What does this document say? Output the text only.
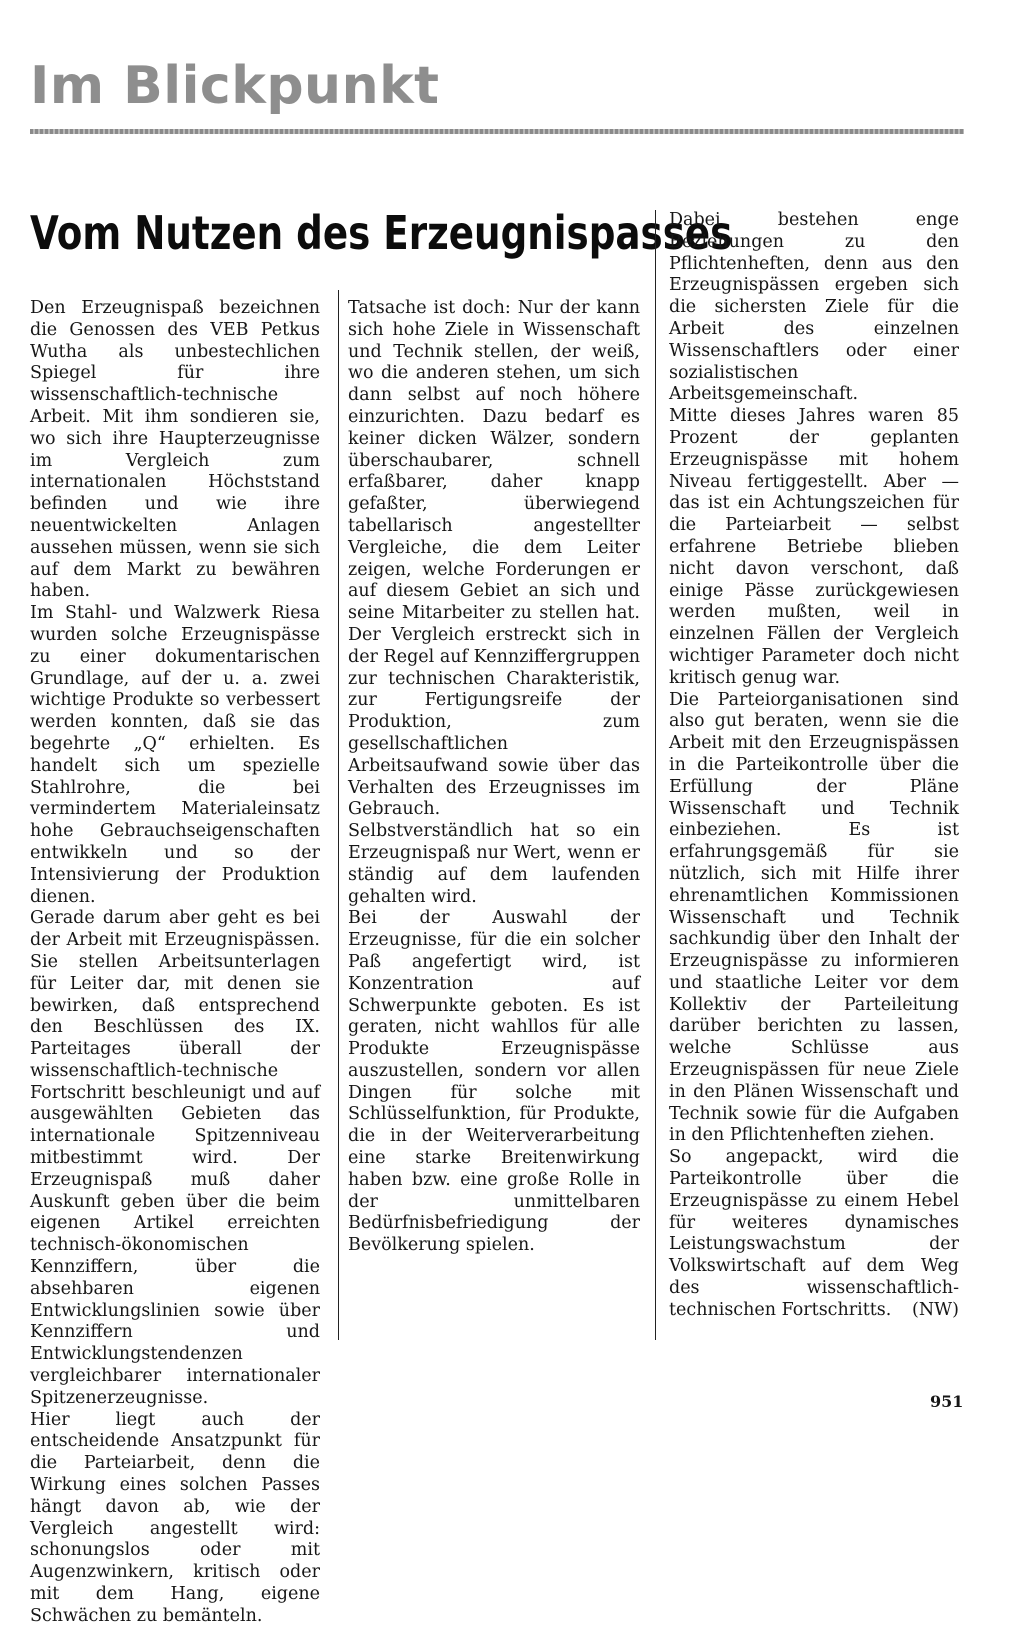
Im Blickpunkt
Vom Nutzen des Erzeugnispasses

Den Erzeugnispaß bezeichnen die Genossen des VEB Petkus Wutha als unbestechlichen Spiegel für ihre wissenschaftlich-technische Arbeit. Mit ihm sondieren sie, wo sich ihre Haupterzeugnisse im Vergleich zum internationalen Höchststand befinden und wie ihre neuentwickelten Anlagen aussehen müssen, wenn sie sich auf dem Markt zu bewähren haben.

Im Stahl- und Walzwerk Riesa wurden solche Erzeugnispässe zu einer dokumentarischen Grundlage, auf der u. a. zwei wichtige Produkte so verbessert werden konnten, daß sie das begehrte „Q“ erhielten. Es handelt sich um spezielle Stahlrohre, die bei vermindertem Materialeinsatz hohe Gebrauchseigenschaften entwikkeln und so der Intensivierung der Produktion dienen.

Gerade darum aber geht es bei der Arbeit mit Erzeugnispässen. Sie stellen Arbeitsunterlagen für Leiter dar, mit denen sie bewirken, daß entsprechend den Beschlüssen des IX. Parteitages überall der wissenschaftlich-technische Fortschritt beschleunigt und auf ausgewählten Gebieten das internationale Spitzenniveau mitbestimmt wird. Der Erzeugnispaß muß daher Auskunft geben über die beim eigenen Artikel erreichten technisch-ökonomischen Kennziffern, über die absehbaren eigenen Entwicklungslinien sowie über Kennziffern und Entwicklungstendenzen vergleichbarer internationaler Spitzenerzeugnisse.

Hier liegt auch der entscheidende Ansatzpunkt für die Parteiarbeit, denn die Wirkung eines solchen Passes hängt davon ab, wie der Vergleich angestellt wird: schonungslos oder mit Augenzwinkern, kritisch oder mit dem Hang, eigene Schwächen zu bemänteln.

Tatsache ist doch: Nur der kann sich hohe Ziele in Wissenschaft und Technik stellen, der weiß, wo die anderen stehen, um sich dann selbst auf noch höhere einzurichten. Dazu bedarf es keiner dicken Wälzer, sondern überschaubarer, schnell erfaßbarer, daher knapp gefaßter, überwiegend tabellarisch angestellter Vergleiche, die dem Leiter zeigen, welche Forderungen er auf diesem Gebiet an sich und seine Mitarbeiter zu stellen hat. Der Vergleich erstreckt sich in der Regel auf Kennziffergruppen zur technischen Charakteristik, zur Fertigungsreife der Produktion, zum gesellschaftlichen Arbeitsaufwand sowie über das Verhalten des Erzeugnisses im Gebrauch.

Selbstverständlich hat so ein Erzeugnispaß nur Wert, wenn er ständig auf dem laufenden gehalten wird.

Bei der Auswahl der Erzeugnisse, für die ein solcher Paß angefertigt wird, ist Konzentration auf Schwerpunkte geboten. Es ist geraten, nicht wahllos für alle Produkte Erzeugnispässe auszustellen, sondern vor allen Dingen für solche mit Schlüsselfunktion, für Produkte, die in der Weiterverarbeitung eine starke Breitenwirkung haben bzw. eine große Rolle in der unmittelbaren Bedürfnisbefriedigung der Bevölkerung spielen.

Dabei bestehen enge Beziehungen zu den Pflichtenheften, denn aus den Erzeugnispässen ergeben sich die sichersten Ziele für die Arbeit des einzelnen Wissenschaftlers oder einer sozialistischen Arbeitsgemeinschaft.

Mitte dieses Jahres waren 85 Prozent der geplanten Erzeugnispässe mit hohem Niveau fertiggestellt. Aber — das ist ein Achtungszeichen für die Parteiarbeit — selbst erfahrene Betriebe blieben nicht davon verschont, daß einige Pässe zurückgewiesen werden mußten, weil in einzelnen Fällen der Vergleich wichtiger Parameter doch nicht kritisch genug war.

Die Parteiorganisationen sind also gut beraten, wenn sie die Arbeit mit den Erzeugnispässen in die Parteikontrolle über die Erfüllung der Pläne Wissenschaft und Technik einbeziehen. Es ist erfahrungsgemäß für sie nützlich, sich mit Hilfe ihrer ehrenamtlichen Kommissionen Wissenschaft und Technik sachkundig über den Inhalt der Erzeugnispässe zu informieren und staatliche Leiter vor dem Kollektiv der Parteileitung darüber berichten zu lassen, welche Schlüsse aus Erzeugnispässen für neue Ziele in den Plänen Wissenschaft und Technik sowie für die Aufgaben in den Pflichtenheften ziehen.

So angepackt, wird die Parteikontrolle über die Erzeugnispässe zu einem Hebel für weiteres dynamisches Leistungswachstum der Volkswirtschaft auf dem Weg des wissenschaftlich-technischen Fortschritts. (NW)

951
